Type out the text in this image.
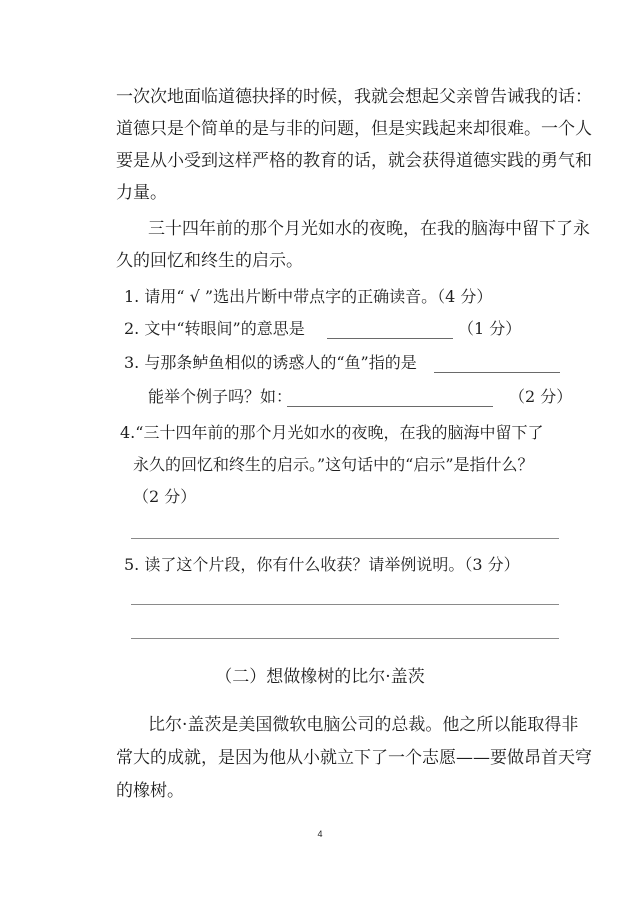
一次次地面临道德抉择的时候，我就会想起父亲曾告诫我的话：
道德只是个简单的是与非的问题，但是实践起来却很难。一个人
要是从小受到这样严格的教育的话，就会获得道德实践的勇气和
力量。
三十四年前的那个月光如水的夜晚，在我的脑海中留下了永
久的回忆和终生的启示。
1. 请用“ √ ”选出片断中带点字的正确读音。（4 分）
2. 文中“转眼间”的意思是	（1 分）
3. 与那条鲈鱼相似的诱惑人的“鱼”指的是
能举个例子吗？如：	（2 分）
4.“三十四年前的那个月光如水的夜晚，在我的脑海中留下了
永久的回忆和终生的启示。”这句话中的“启示”是指什么？
（2 分）
5. 读了这个片段，你有什么收获？请举例说明。（3 分）
（二）想做橡树的比尔·盖茨
比尔·盖茨是美国微软电脑公司的总裁。他之所以能取得非
常大的成就，是因为他从小就立下了一个志愿——要做昂首天穹
的橡树。
4
